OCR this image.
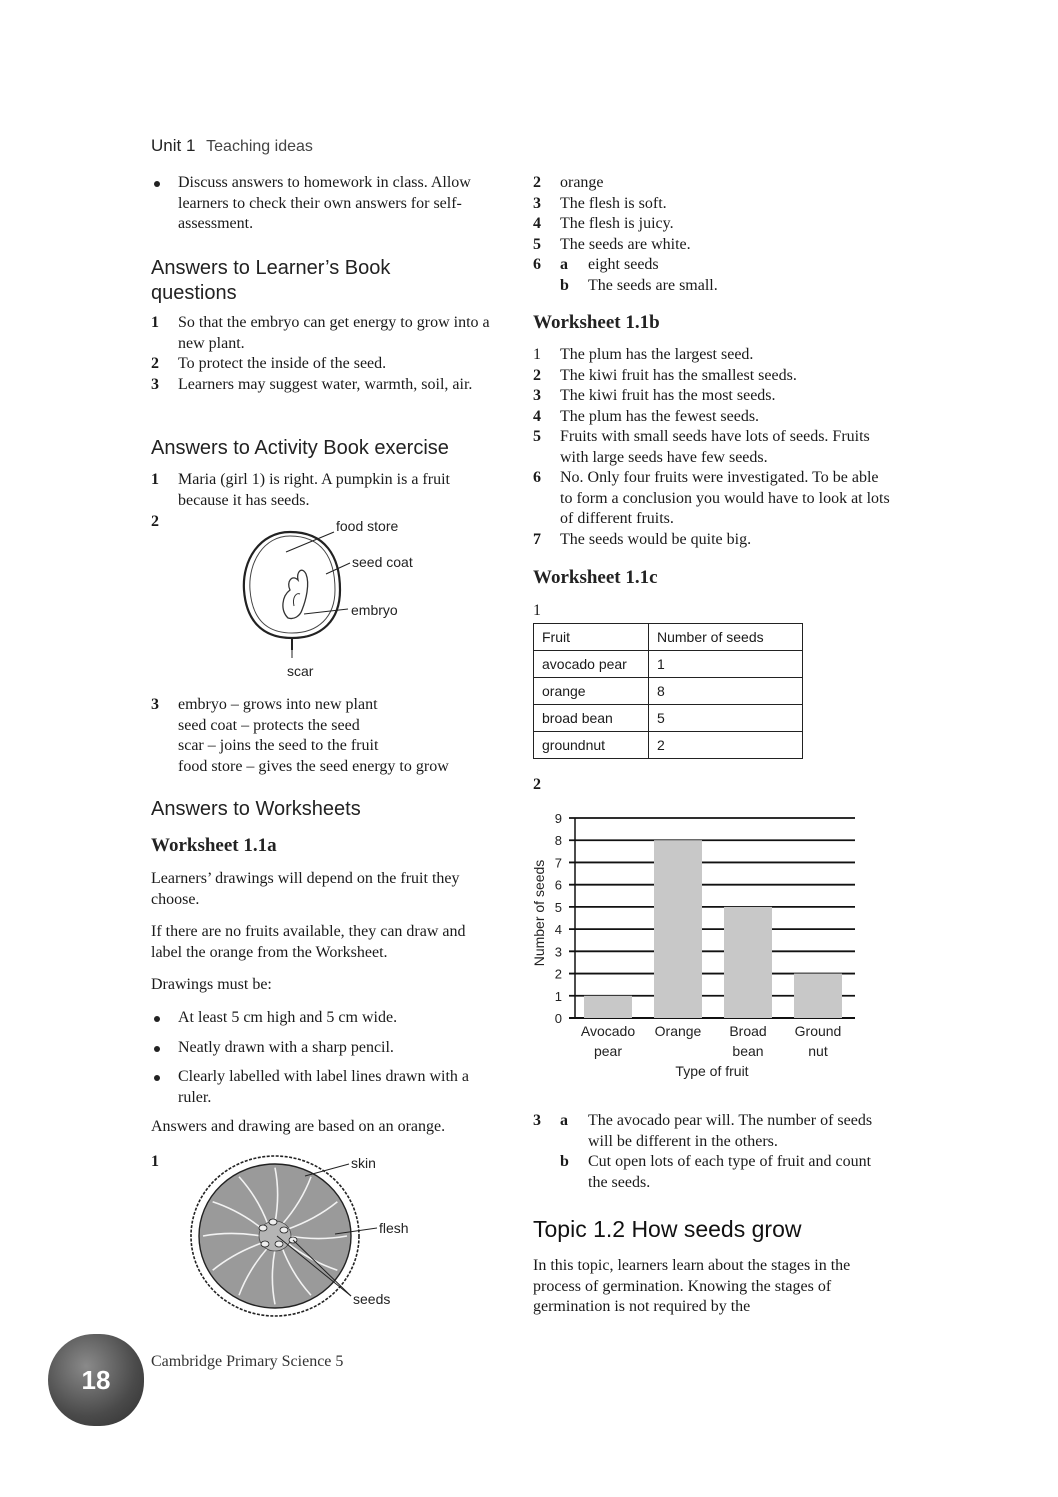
Unit 1 Teaching ideas
Discuss answers to homework in class. Allow learners to check their own answers for self-assessment.
Answers to Learner’s Book questions
1 So that the embryo can get energy to grow into a new plant.
2 To protect the inside of the seed.
3 Learners may suggest water, warmth, soil, air.
Answers to Activity Book exercise
1 Maria (girl 1) is right. A pumpkin is a fruit because it has seeds.
2	food store
seed coat
embryo
scar
3 embryo – grows into new plant
seed coat – protects the seed
scar – joins the seed to the fruit
food store – gives the seed energy to grow
Answers to Worksheets
Worksheet 1.1a

Learners’ drawings will depend on the fruit they choose.

If there are no fruits available, they can draw and label the orange from the Worksheet.

Drawings must be:

At least 5 cm high and 5 cm wide.
Neatly drawn with a sharp pencil.
Clearly labelled with label lines drawn with a ruler.

Answers and drawing are based on an orange.

1	skin
flesh
seeds
2 orange
3 The flesh is soft.
4 The flesh is juicy.
5 The seeds are white.
6 a eight seeds
b The seeds are small.
Worksheet 1.1b
1 The plum has the largest seed.
2 The kiwi fruit has the smallest seeds.
3 The kiwi fruit has the most seeds.
4 The plum has the fewest seeds.
5 Fruits with small seeds have lots of seeds. Fruits with large seeds have few seeds.
6 No. Only four fruits were investigated. To be able to form a conclusion you would have to look at lots of different fruits.
7 The seeds would be quite big.
Worksheet 1.1c
1
Fruit	Number of seeds
avocado pear	1
orange	8
broad bean	5
groundnut	2
2
0
1
2
3
4
5
6
7
8
9
Avocado
pear
Orange Broad
bean
Ground
nut
Number of seeds
Type of fruit
3 a The avocado pear will. The number of seeds will be different in the others.
b Cut open lots of each type of fruit and count the seeds.
Topic 1.2 How seeds grow

In this topic, learners learn about the stages in the process of germination. Knowing the stages of germination is not required by the

18
Cambridge Primary Science 5
